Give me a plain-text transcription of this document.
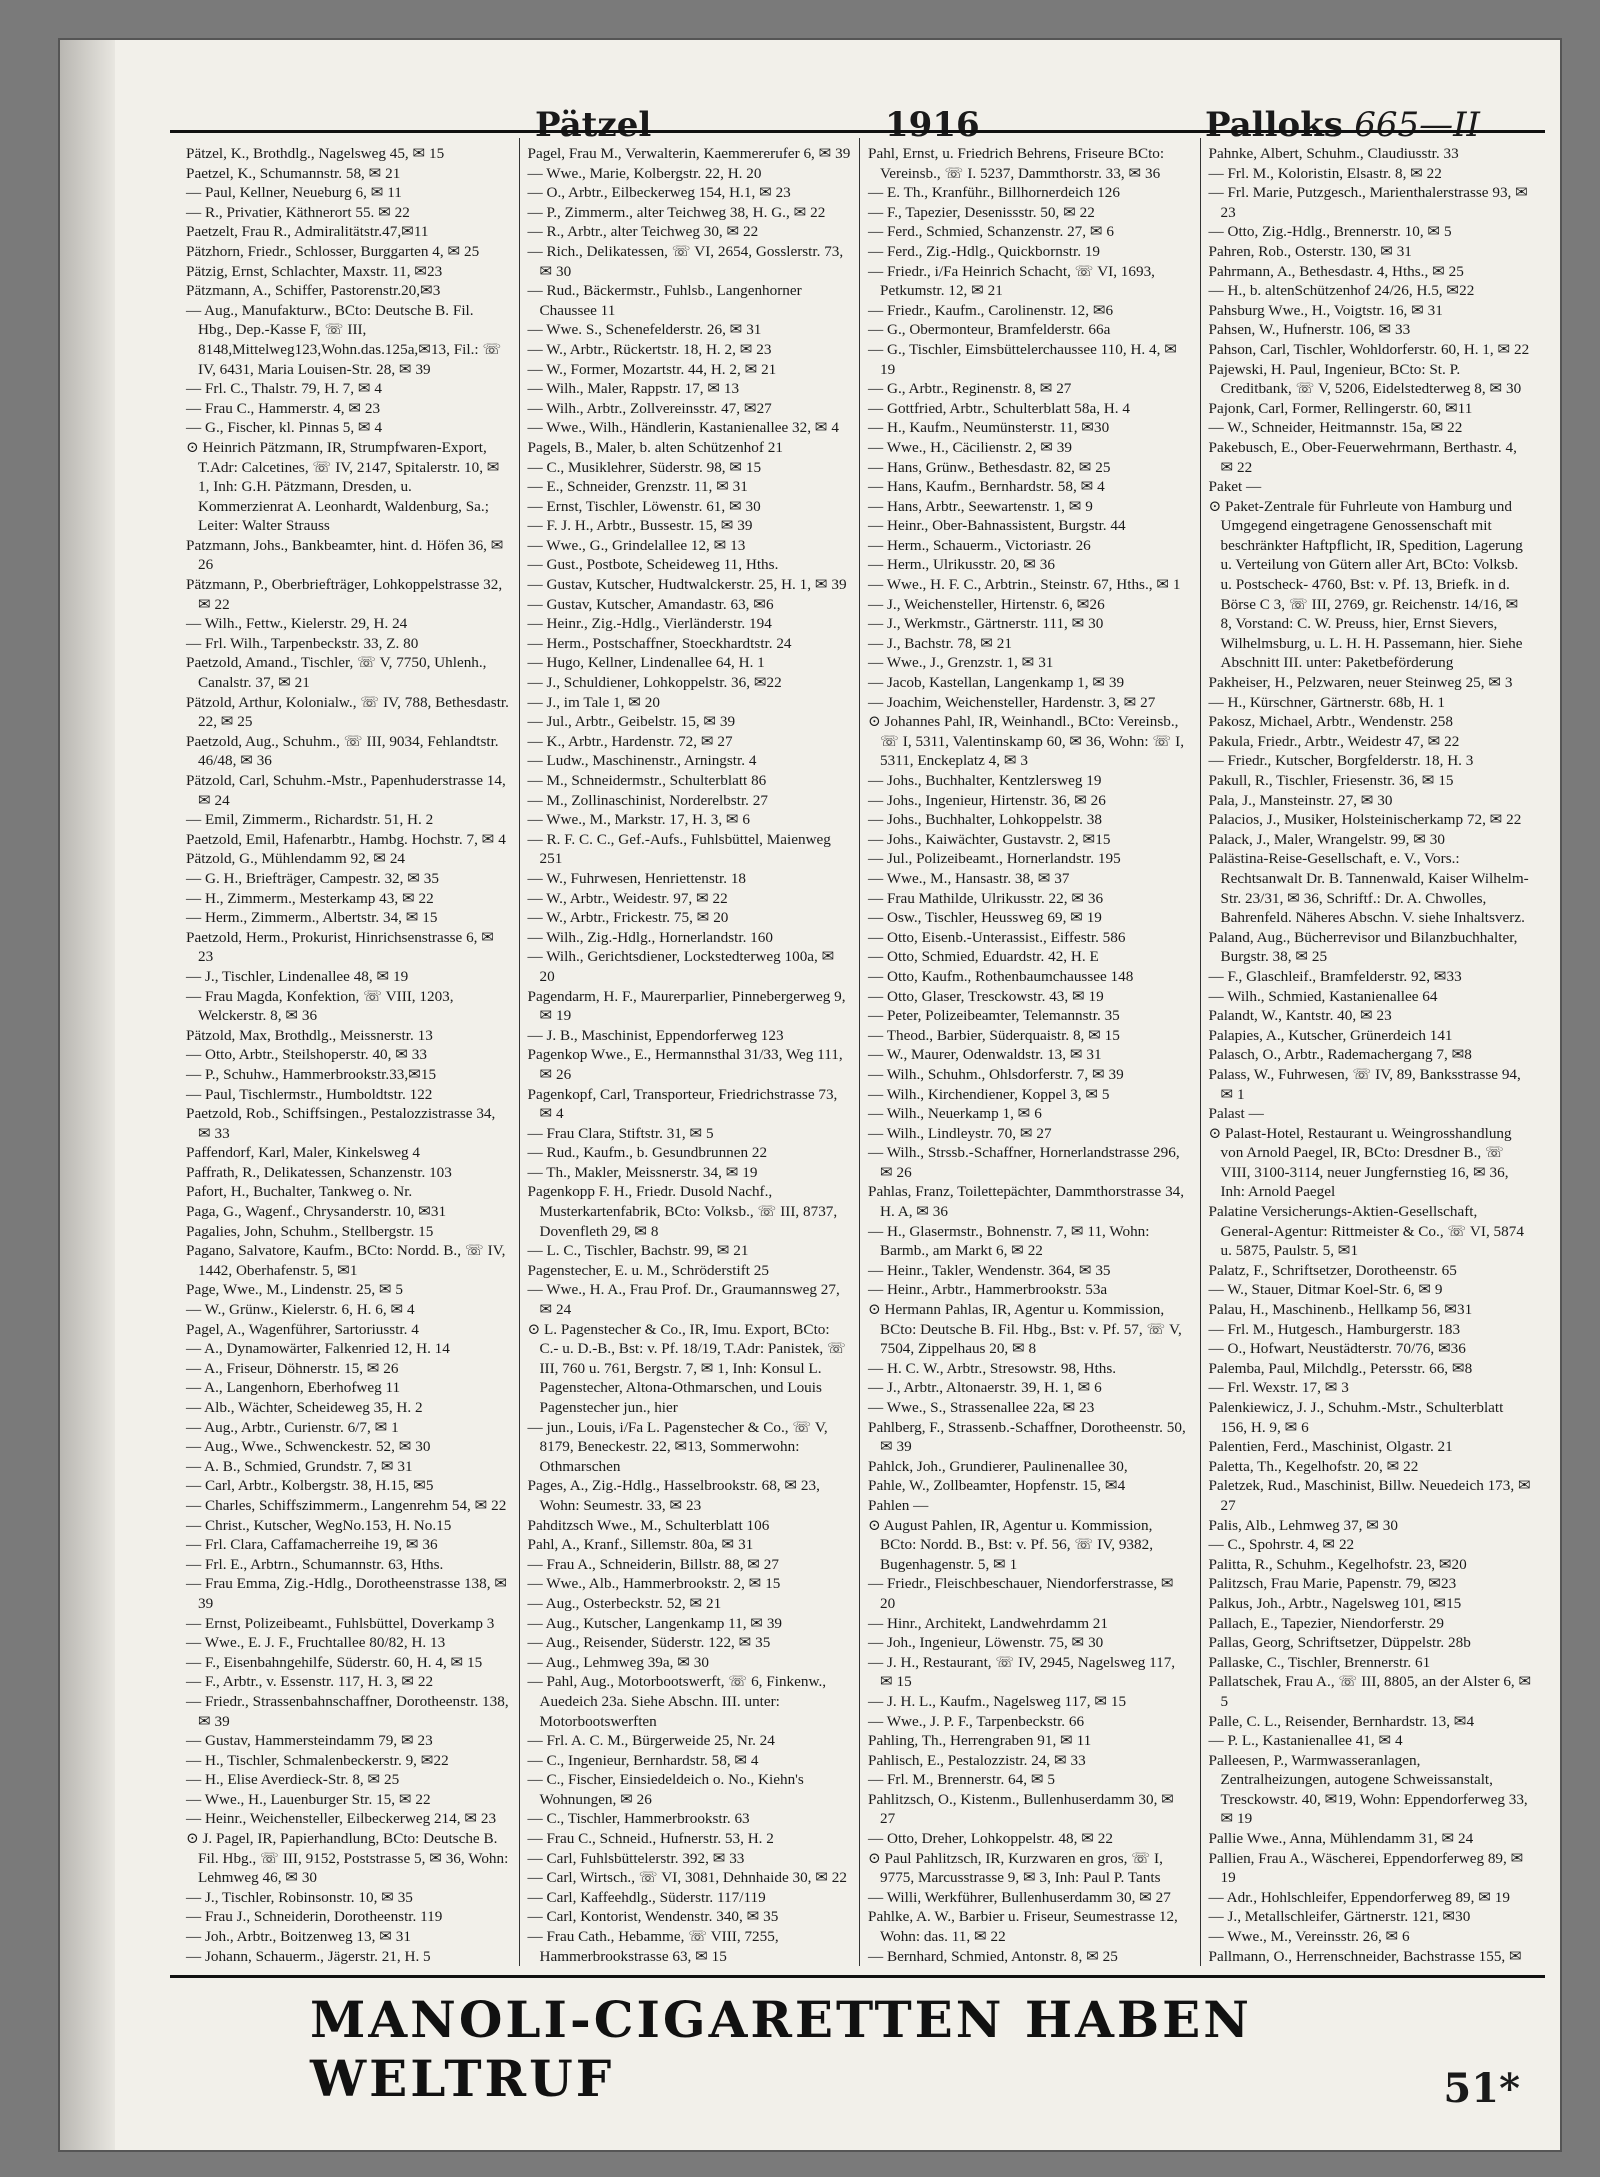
Pätzel	1916	Palloks 665—II
Pätzel, K., Brothdlg., Nagelsweg 45, ✉ 15
Paetzel, K., Schumannstr. 58, ✉ 21
— Paul, Kellner, Neueburg 6, ✉ 11
— R., Privatier, Käthnerort 55. ✉ 22
Paetzelt, Frau R., Admiralitätstr.47,✉11
Pätzhorn, Friedr., Schlosser, Burggarten 4, ✉ 25
Pätzig, Ernst, Schlachter, Maxstr. 11, ✉23
Pätzmann, A., Schiffer, Pastorenstr.20,✉3
— Aug., Manufakturw., BCto: Deutsche B. Fil. Hbg., Dep.-Kasse F, ☏ III, 8148,Mittelweg123,Wohn.das.125a,✉13, Fil.: ☏ IV, 6431, Maria Louisen-Str. 28, ✉ 39
— Frl. C., Thalstr. 79, H. 7, ✉ 4
— Frau C., Hammerstr. 4, ✉ 23
— G., Fischer, kl. Pinnas 5, ✉ 4
⊙ Heinrich Pätzmann, IR, Strumpfwaren-Export, T.Adr: Calcetines, ☏ IV, 2147, Spitalerstr. 10, ✉1, Inh: G.H. Pätzmann, Dresden, u. Kommerzienrat A. Leonhardt, Waldenburg, Sa.; Leiter: Walter Strauss
Patzmann, Johs., Bankbeamter, hint. d. Höfen 36, ✉ 26
Pätzmann, P., Oberbriefträger, Lohkoppelstrasse 32, ✉ 22
— Wilh., Fettw., Kielerstr. 29, H. 24
— Frl. Wilh., Tarpenbeckstr. 33, Z. 80
Paetzold, Amand., Tischler, ☏ V, 7750, Uhlenh., Canalstr. 37, ✉ 21
Pätzold, Arthur, Kolonialw., ☏ IV, 788, Bethesdastr. 22, ✉ 25
Paetzold, Aug., Schuhm., ☏ III, 9034, Fehlandtstr. 46/48, ✉ 36
Pätzold, Carl, Schuhm.-Mstr., Papenhuderstrasse 14, ✉ 24
— Emil, Zimmerm., Richardstr. 51, H. 2
Paetzold, Emil, Hafenarbtr., Hambg. Hochstr. 7, ✉ 4
Pätzold, G., Mühlendamm 92, ✉ 24
— G. H., Briefträger, Campestr. 32, ✉ 35
— H., Zimmerm., Mesterkamp 43, ✉ 22
— Herm., Zimmerm., Albertstr. 34, ✉ 15
Paetzold, Herm., Prokurist, Hinrichsenstrasse 6, ✉ 23
— J., Tischler, Lindenallee 48, ✉ 19
— Frau Magda, Konfektion, ☏ VIII, 1203, Welckerstr. 8, ✉ 36
Pätzold, Max, Brothdlg., Meissnerstr. 13
— Otto, Arbtr., Steilshoperstr. 40, ✉ 33
— P., Schuhw., Hammerbrookstr.33,✉15
— Paul, Tischlermstr., Humboldtstr. 122
Paetzold, Rob., Schiffsingen., Pestalozzistrasse 34, ✉ 33
Paffendorf, Karl, Maler, Kinkelsweg 4
Paffrath, R., Delikatessen, Schanzenstr. 103
Pafort, H., Buchalter, Tankweg o. Nr.
Paga, G., Wagenf., Chrysanderstr. 10, ✉31
Pagalies, John, Schuhm., Stellbergstr. 15
Pagano, Salvatore, Kaufm., BCto: Nordd. B., ☏ IV, 1442, Oberhafenstr. 5, ✉1
Page, Wwe., M., Lindenstr. 25, ✉ 5
— W., Grünw., Kielerstr. 6, H. 6, ✉ 4
Pagel, A., Wagenführer, Sartoriusstr. 4
— A., Dynamowärter, Falkenried 12, H. 14
— A., Friseur, Döhnerstr. 15, ✉ 26
— A., Langenhorn, Eberhofweg 11
— Alb., Wächter, Scheideweg 35, H. 2
— Aug., Arbtr., Curienstr. 6/7, ✉ 1
— Aug., Wwe., Schwenckestr. 52, ✉ 30
— A. B., Schmied, Grundstr. 7, ✉ 31
— Carl, Arbtr., Kolbergstr. 38, H.15, ✉5
— Charles, Schiffszimmerm., Langenrehm 54, ✉ 22
— Christ., Kutscher, WegNo.153, H. No.15
— Frl. Clara, Caffamacherreihe 19, ✉ 36
— Frl. E., Arbtrn., Schumannstr. 63, Hths.
— Frau Emma, Zig.-Hdlg., Dorotheenstrasse 138, ✉ 39
— Ernst, Polizeibeamt., Fuhlsbüttel, Doverkamp 3
— Wwe., E. J. F., Fruchtallee 80/82, H. 13
— F., Eisenbahngehilfe, Süderstr. 60, H. 4, ✉ 15
— F., Arbtr., v. Essenstr. 117, H. 3, ✉ 22
— Friedr., Strassenbahnschaffner, Dorotheenstr. 138, ✉ 39
— Gustav, Hammersteindamm 79, ✉ 23
— H., Tischler, Schmalenbeckerstr. 9, ✉22
— H., Elise Averdieck-Str. 8, ✉ 25
— Wwe., H., Lauenburger Str. 15, ✉ 22
— Heinr., Weichensteller, Eilbeckerweg 214, ✉ 23
⊙ J. Pagel, IR, Papierhandlung, BCto: Deutsche B. Fil. Hbg., ☏ III, 9152, Poststrasse 5, ✉ 36, Wohn: Lehmweg 46, ✉ 30
— J., Tischler, Robinsonstr. 10, ✉ 35
— Frau J., Schneiderin, Dorotheenstr. 119
— Joh., Arbtr., Boitzenweg 13, ✉ 31
— Johann, Schauerm., Jägerstr. 21, H. 5
Pagel, Frau M., Verwalterin, Kaemmererufer 6, ✉ 39
— Wwe., Marie, Kolbergstr. 22, H. 20
— O., Arbtr., Eilbeckerweg 154, H.1, ✉ 23
— P., Zimmerm., alter Teichweg 38, H. G., ✉ 22
— R., Arbtr., alter Teichweg 30, ✉ 22
— Rich., Delikatessen, ☏ VI, 2654, Gosslerstr. 73, ✉ 30
— Rud., Bäckermstr., Fuhlsb., Langenhorner Chaussee 11
— Wwe. S., Schenefelderstr. 26, ✉ 31
— W., Arbtr., Rückertstr. 18, H. 2, ✉ 23
— W., Former, Mozartstr. 44, H. 2, ✉ 21
— Wilh., Maler, Rappstr. 17, ✉ 13
— Wilh., Arbtr., Zollvereinsstr. 47, ✉27
— Wwe., Wilh., Händlerin, Kastanienallee 32, ✉ 4
Pagels, B., Maler, b. alten Schützenhof 21
— C., Musiklehrer, Süderstr. 98, ✉ 15
— E., Schneider, Grenzstr. 11, ✉ 31
— Ernst, Tischler, Löwenstr. 61, ✉ 30
— F. J. H., Arbtr., Bussestr. 15, ✉ 39
— Wwe., G., Grindelallee 12, ✉ 13
— Gust., Postbote, Scheideweg 11, Hths.
— Gustav, Kutscher, Hudtwalckerstr. 25, H. 1, ✉ 39
— Gustav, Kutscher, Amandastr. 63, ✉6
— Heinr., Zig.-Hdlg., Vierländerstr. 194
— Herm., Postschaffner, Stoeckhardtstr. 24
— Hugo, Kellner, Lindenallee 64, H. 1
— J., Schuldiener, Lohkoppelstr. 36, ✉22
— J., im Tale 1, ✉ 20
— Jul., Arbtr., Geibelstr. 15, ✉ 39
— K., Arbtr., Hardenstr. 72, ✉ 27
— Ludw., Maschinenstr., Arningstr. 4
— M., Schneidermstr., Schulterblatt 86
— M., Zollinaschinist, Norderelbstr. 27
— Wwe., M., Markstr. 17, H. 3, ✉ 6
— R. F. C. C., Gef.-Aufs., Fuhlsbüttel, Maienweg 251
— W., Fuhrwesen, Henriettenstr. 18
— W., Arbtr., Weidestr. 97, ✉ 22
— W., Arbtr., Frickestr. 75, ✉ 20
— Wilh., Zig.-Hdlg., Hornerlandstr. 160
— Wilh., Gerichtsdiener, Lockstedterweg 100a, ✉ 20
Pagendarm, H. F., Maurerparlier, Pinnebergerweg 9, ✉ 19
— J. B., Maschinist, Eppendorferweg 123
Pagenkop Wwe., E., Hermannsthal 31/33, Weg 111, ✉ 26
Pagenkopf, Carl, Transporteur, Friedrichstrasse 73, ✉ 4
— Frau Clara, Stiftstr. 31, ✉ 5
— Rud., Kaufm., b. Gesundbrunnen 22
— Th., Makler, Meissnerstr. 34, ✉ 19
Pagenkopp F. H., Friedr. Dusold Nachf., Musterkartenfabrik, BCto: Volksb., ☏ III, 8737, Dovenfleth 29, ✉ 8
— L. C., Tischler, Bachstr. 99, ✉ 21
Pagenstecher, E. u. M., Schröderstift 25
— Wwe., H. A., Frau Prof. Dr., Graumannsweg 27, ✉ 24
⊙ L. Pagenstecher & Co., IR, Imu. Export, BCto: C.- u. D.-B., Bst: v. Pf. 18/19, T.Adr: Panistek, ☏ III, 760 u. 761, Bergstr. 7, ✉ 1, Inh: Konsul L. Pagenstecher, Altona-Othmarschen, und Louis Pagenstecher jun., hier
— jun., Louis, i/Fa L. Pagenstecher & Co., ☏ V, 8179, Beneckestr. 22, ✉13, Sommerwohn: Othmarschen
Pages, A., Zig.-Hdlg., Hasselbrookstr. 68, ✉ 23, Wohn: Seumestr. 33, ✉ 23
Pahditzsch Wwe., M., Schulterblatt 106
Pahl, A., Kranf., Sillemstr. 80a, ✉ 31
— Frau A., Schneiderin, Billstr. 88, ✉ 27
— Wwe., Alb., Hammerbrookstr. 2, ✉ 15
— Aug., Osterbeckstr. 52, ✉ 21
— Aug., Kutscher, Langenkamp 11, ✉ 39
— Aug., Reisender, Süderstr. 122, ✉ 35
— Aug., Lehmweg 39a, ✉ 30
— Pahl, Aug., Motorbootswerft, ☏ 6, Finkenw., Auedeich 23a. Siehe Abschn. III. unter: Motorbootswerften
— Frl. A. C. M., Bürgerweide 25, Nr. 24
— C., Ingenieur, Bernhardstr. 58, ✉ 4
— C., Fischer, Einsiedeldeich o. No., Kiehn's Wohnungen, ✉ 26
— C., Tischler, Hammerbrookstr. 63
— Frau C., Schneid., Hufnerstr. 53, H. 2
— Carl, Fuhlsbüttelerstr. 392, ✉ 33
— Carl, Wirtsch., ☏ VI, 3081, Dehnhaide 30, ✉ 22
— Carl, Kaffeehdlg., Süderstr. 117/119
— Carl, Kontorist, Wendenstr. 340, ✉ 35
— Frau Cath., Hebamme, ☏ VIII, 7255, Hammerbrookstrasse 63, ✉ 15
Pahl, Ernst, u. Friedrich Behrens, Friseure BCto: Vereinsb., ☏ I. 5237, Dammthorstr. 33, ✉ 36
— E. Th., Kranführ., Billhornerdeich 126
— F., Tapezier, Desenissstr. 50, ✉ 22
— Ferd., Schmied, Schanzenstr. 27, ✉ 6
— Ferd., Zig.-Hdlg., Quickbornstr. 19
— Friedr., i/Fa Heinrich Schacht, ☏ VI, 1693, Petkumstr. 12, ✉ 21
— Friedr., Kaufm., Carolinenstr. 12, ✉6
— G., Obermonteur, Bramfelderstr. 66a
— G., Tischler, Eimsbüttelerchaussee 110, H. 4, ✉ 19
— G., Arbtr., Reginenstr. 8, ✉ 27
— Gottfried, Arbtr., Schulterblatt 58a, H. 4
— H., Kaufm., Neumünsterstr. 11, ✉30
— Wwe., H., Cäcilienstr. 2, ✉ 39
— Hans, Grünw., Bethesdastr. 82, ✉ 25
— Hans, Kaufm., Bernhardstr. 58, ✉ 4
— Hans, Arbtr., Seewartenstr. 1, ✉ 9
— Heinr., Ober-Bahnassistent, Burgstr. 44
— Herm., Schauerm., Victoriastr. 26
— Herm., Ulrikusstr. 20, ✉ 36
— Wwe., H. F. C., Arbtrin., Steinstr. 67, Hths., ✉ 1
— J., Weichensteller, Hirtenstr. 6, ✉26
— J., Werkmstr., Gärtnerstr. 111, ✉ 30
— J., Bachstr. 78, ✉ 21
— Wwe., J., Grenzstr. 1, ✉ 31
— Jacob, Kastellan, Langenkamp 1, ✉ 39
— Joachim, Weichensteller, Hardenstr. 3, ✉ 27
⊙ Johannes Pahl, IR, Weinhandl., BCto: Vereinsb., ☏ I, 5311, Valentinskamp 60, ✉ 36, Wohn: ☏ I, 5311, Enckeplatz 4, ✉ 3
— Johs., Buchhalter, Kentzlersweg 19
— Johs., Ingenieur, Hirtenstr. 36, ✉ 26
— Johs., Buchhalter, Lohkoppelstr. 38
— Johs., Kaiwächter, Gustavstr. 2, ✉15
— Jul., Polizeibeamt., Hornerlandstr. 195
— Wwe., M., Hansastr. 38, ✉ 37
— Frau Mathilde, Ulrikusstr. 22, ✉ 36
— Osw., Tischler, Heussweg 69, ✉ 19
— Otto, Eisenb.-Unterassist., Eiffestr. 586
— Otto, Schmied, Eduardstr. 42, H. E
— Otto, Kaufm., Rothenbaumchaussee 148
— Otto, Glaser, Tresckowstr. 43, ✉ 19
— Peter, Polizeibeamter, Telemannstr. 35
— Theod., Barbier, Süderquaistr. 8, ✉ 15
— W., Maurer, Odenwaldstr. 13, ✉ 31
— Wilh., Schuhm., Ohlsdorferstr. 7, ✉ 39
— Wilh., Kirchendiener, Koppel 3, ✉ 5
— Wilh., Neuerkamp 1, ✉ 6
— Wilh., Lindleystr. 70, ✉ 27
— Wilh., Strssb.-Schaffner, Hornerlandstrasse 296, ✉ 26
Pahlas, Franz, Toilettepächter, Dammthorstrasse 34, H. A, ✉ 36
— H., Glasermstr., Bohnenstr. 7, ✉ 11, Wohn: Barmb., am Markt 6, ✉ 22
— Heinr., Takler, Wendenstr. 364, ✉ 35
— Heinr., Arbtr., Hammerbrookstr. 53a
⊙ Hermann Pahlas, IR, Agentur u. Kommission, BCto: Deutsche B. Fil. Hbg., Bst: v. Pf. 57, ☏ V, 7504, Zippelhaus 20, ✉ 8
— H. C. W., Arbtr., Stresowstr. 98, Hths.
— J., Arbtr., Altonaerstr. 39, H. 1, ✉ 6
— Wwe., S., Strassenallee 22a, ✉ 23
Pahlberg, F., Strassenb.-Schaffner, Dorotheenstr. 50, ✉ 39
Pahlck, Joh., Grundierer, Paulinenallee 30,
Pahle, W., Zollbeamter, Hopfenstr. 15, ✉4
Pahlen —
⊙ August Pahlen, IR, Agentur u. Kommission, BCto: Nordd. B., Bst: v. Pf. 56, ☏ IV, 9382, Bugenhagenstr. 5, ✉ 1
— Friedr., Fleischbeschauer, Niendorferstrasse, ✉ 20
— Hinr., Architekt, Landwehrdamm 21
— Joh., Ingenieur, Löwenstr. 75, ✉ 30
— J. H., Restaurant, ☏ IV, 2945, Nagelsweg 117, ✉ 15
— J. H. L., Kaufm., Nagelsweg 117, ✉ 15
— Wwe., J. P. F., Tarpenbeckstr. 66
Pahling, Th., Herrengraben 91, ✉ 11
Pahlisch, E., Pestalozzistr. 24, ✉ 33
— Frl. M., Brennerstr. 64, ✉ 5
Pahlitzsch, O., Kistenm., Bullenhuserdamm 30, ✉ 27
— Otto, Dreher, Lohkoppelstr. 48, ✉ 22
⊙ Paul Pahlitzsch, IR, Kurzwaren en gros, ☏ I, 9775, Marcusstrasse 9, ✉ 3, Inh: Paul P. Tants
— Willi, Werkführer, Bullenhuserdamm 30, ✉ 27
Pahlke, A. W., Barbier u. Friseur, Seumestrasse 12, Wohn: das. 11, ✉ 22
— Bernhard, Schmied, Antonstr. 8, ✉ 25
Pahnke, Albert, Schuhm., Claudiusstr. 33
— Frl. M., Koloristin, Elsastr. 8, ✉ 22
— Frl. Marie, Putzgesch., Marienthalerstrasse 93, ✉ 23
— Otto, Zig.-Hdlg., Brennerstr. 10, ✉ 5
Pahren, Rob., Osterstr. 130, ✉ 31
Pahrmann, A., Bethesdastr. 4, Hths., ✉ 25
— H., b. altenSchützenhof 24/26, H.5, ✉22
Pahsburg Wwe., H., Voigtstr. 16, ✉ 31
Pahsen, W., Hufnerstr. 106, ✉ 33
Pahson, Carl, Tischler, Wohldorferstr. 60, H. 1, ✉ 22
Pajewski, H. Paul, Ingenieur, BCto: St. P. Creditbank, ☏ V, 5206, Eidelstedterweg 8, ✉ 30
Pajonk, Carl, Former, Rellingerstr. 60, ✉11
— W., Schneider, Heitmannstr. 15a, ✉ 22
Pakebusch, E., Ober-Feuerwehrmann, Berthastr. 4, ✉ 22
Paket —
⊙ Paket-Zentrale für Fuhrleute von Hamburg und Umgegend eingetragene Genossenschaft mit beschränkter Haftpflicht, IR, Spedition, Lagerung u. Verteilung von Gütern aller Art, BCto: Volksb. u. Postscheck- 4760, Bst: v. Pf. 13, Briefk. in d. Börse C 3, ☏ III, 2769, gr. Reichenstr. 14/16, ✉ 8, Vorstand: C. W. Preuss, hier, Ernst Sievers, Wilhelmsburg, u. L. H. H. Passemann, hier. Siehe Abschnitt III. unter: Paketbeförderung
Pakheiser, H., Pelzwaren, neuer Steinweg 25, ✉ 3
— H., Kürschner, Gärtnerstr. 68b, H. 1
Pakosz, Michael, Arbtr., Wendenstr. 258
Pakula, Friedr., Arbtr., Weidestr 47, ✉ 22
— Friedr., Kutscher, Borgfelderstr. 18, H. 3
Pakull, R., Tischler, Friesenstr. 36, ✉ 15
Pala, J., Mansteinstr. 27, ✉ 30
Palacios, J., Musiker, Holsteinischerkamp 72, ✉ 22
Palack, J., Maler, Wrangelstr. 99, ✉ 30
Palästina-Reise-Gesellschaft, e. V., Vors.: Rechtsanwalt Dr. B. Tannenwald, Kaiser Wilhelm-Str. 23/31, ✉ 36, Schriftf.: Dr. A. Chwolles, Bahrenfeld. Näheres Abschn. V. siehe Inhaltsverz.
Paland, Aug., Bücherrevisor und Bilanzbuchhalter, Burgstr. 38, ✉ 25
— F., Glaschleif., Bramfelderstr. 92, ✉33
— Wilh., Schmied, Kastanienallee 64
Palandt, W., Kantstr. 40, ✉ 23
Palapies, A., Kutscher, Grünerdeich 141
Palasch, O., Arbtr., Rademachergang 7, ✉8
Palass, W., Fuhrwesen, ☏ IV, 89, Banksstrasse 94, ✉ 1
Palast —
⊙ Palast-Hotel, Restaurant u. Weingrosshandlung von Arnold Paegel, IR, BCto: Dresdner B., ☏ VIII, 3100-3114, neuer Jungfernstieg 16, ✉ 36, Inh: Arnold Paegel
Palatine Versicherungs-Aktien-Gesellschaft, General-Agentur: Rittmeister & Co., ☏ VI, 5874 u. 5875, Paulstr. 5, ✉1
Palatz, F., Schriftsetzer, Dorotheenstr. 65
— W., Stauer, Ditmar Koel-Str. 6, ✉ 9
Palau, H., Maschinenb., Hellkamp 56, ✉31
— Frl. M., Hutgesch., Hamburgerstr. 183
— O., Hofwart, Neustädterstr. 70/76, ✉36
Palemba, Paul, Milchdlg., Petersstr. 66, ✉8
— Frl. Wexstr. 17, ✉ 3
Palenkiewicz, J. J., Schuhm.-Mstr., Schulterblatt 156, H. 9, ✉ 6
Palentien, Ferd., Maschinist, Olgastr. 21
Paletta, Th., Kegelhofstr. 20, ✉ 22
Paletzek, Rud., Maschinist, Billw. Neuedeich 173, ✉ 27
Palis, Alb., Lehmweg 37, ✉ 30
— C., Spohrstr. 4, ✉ 22
Palitta, R., Schuhm., Kegelhofstr. 23, ✉20
Palitzsch, Frau Marie, Papenstr. 79, ✉23
Palkus, Joh., Arbtr., Nagelsweg 101, ✉15
Pallach, E., Tapezier, Niendorferstr. 29
Pallas, Georg, Schriftsetzer, Düppelstr. 28b
Pallaske, C., Tischler, Brennerstr. 61
Pallatschek, Frau A., ☏ III, 8805, an der Alster 6, ✉ 5
Palle, C. L., Reisender, Bernhardstr. 13, ✉4
— P. L., Kastanienallee 41, ✉ 4
Palleesen, P., Warmwasseranlagen, Zentralheizungen, autogene Schweissanstalt, Tresckowstr. 40, ✉19, Wohn: Eppendorferweg 33, ✉ 19
Pallie Wwe., Anna, Mühlendamm 31, ✉ 24
Pallien, Frau A., Wäscherei, Eppendorferweg 89, ✉ 19
— Adr., Hohlschleifer, Eppendorferweg 89, ✉ 19
— J., Metallschleifer, Gärtnerstr. 121, ✉30
— Wwe., M., Vereinsstr. 26, ✉ 6
Pallmann, O., Herrenschneider, Bachstrasse 155, ✉
MANOLI-CIGARETTEN HABEN WELTRUF	51*
